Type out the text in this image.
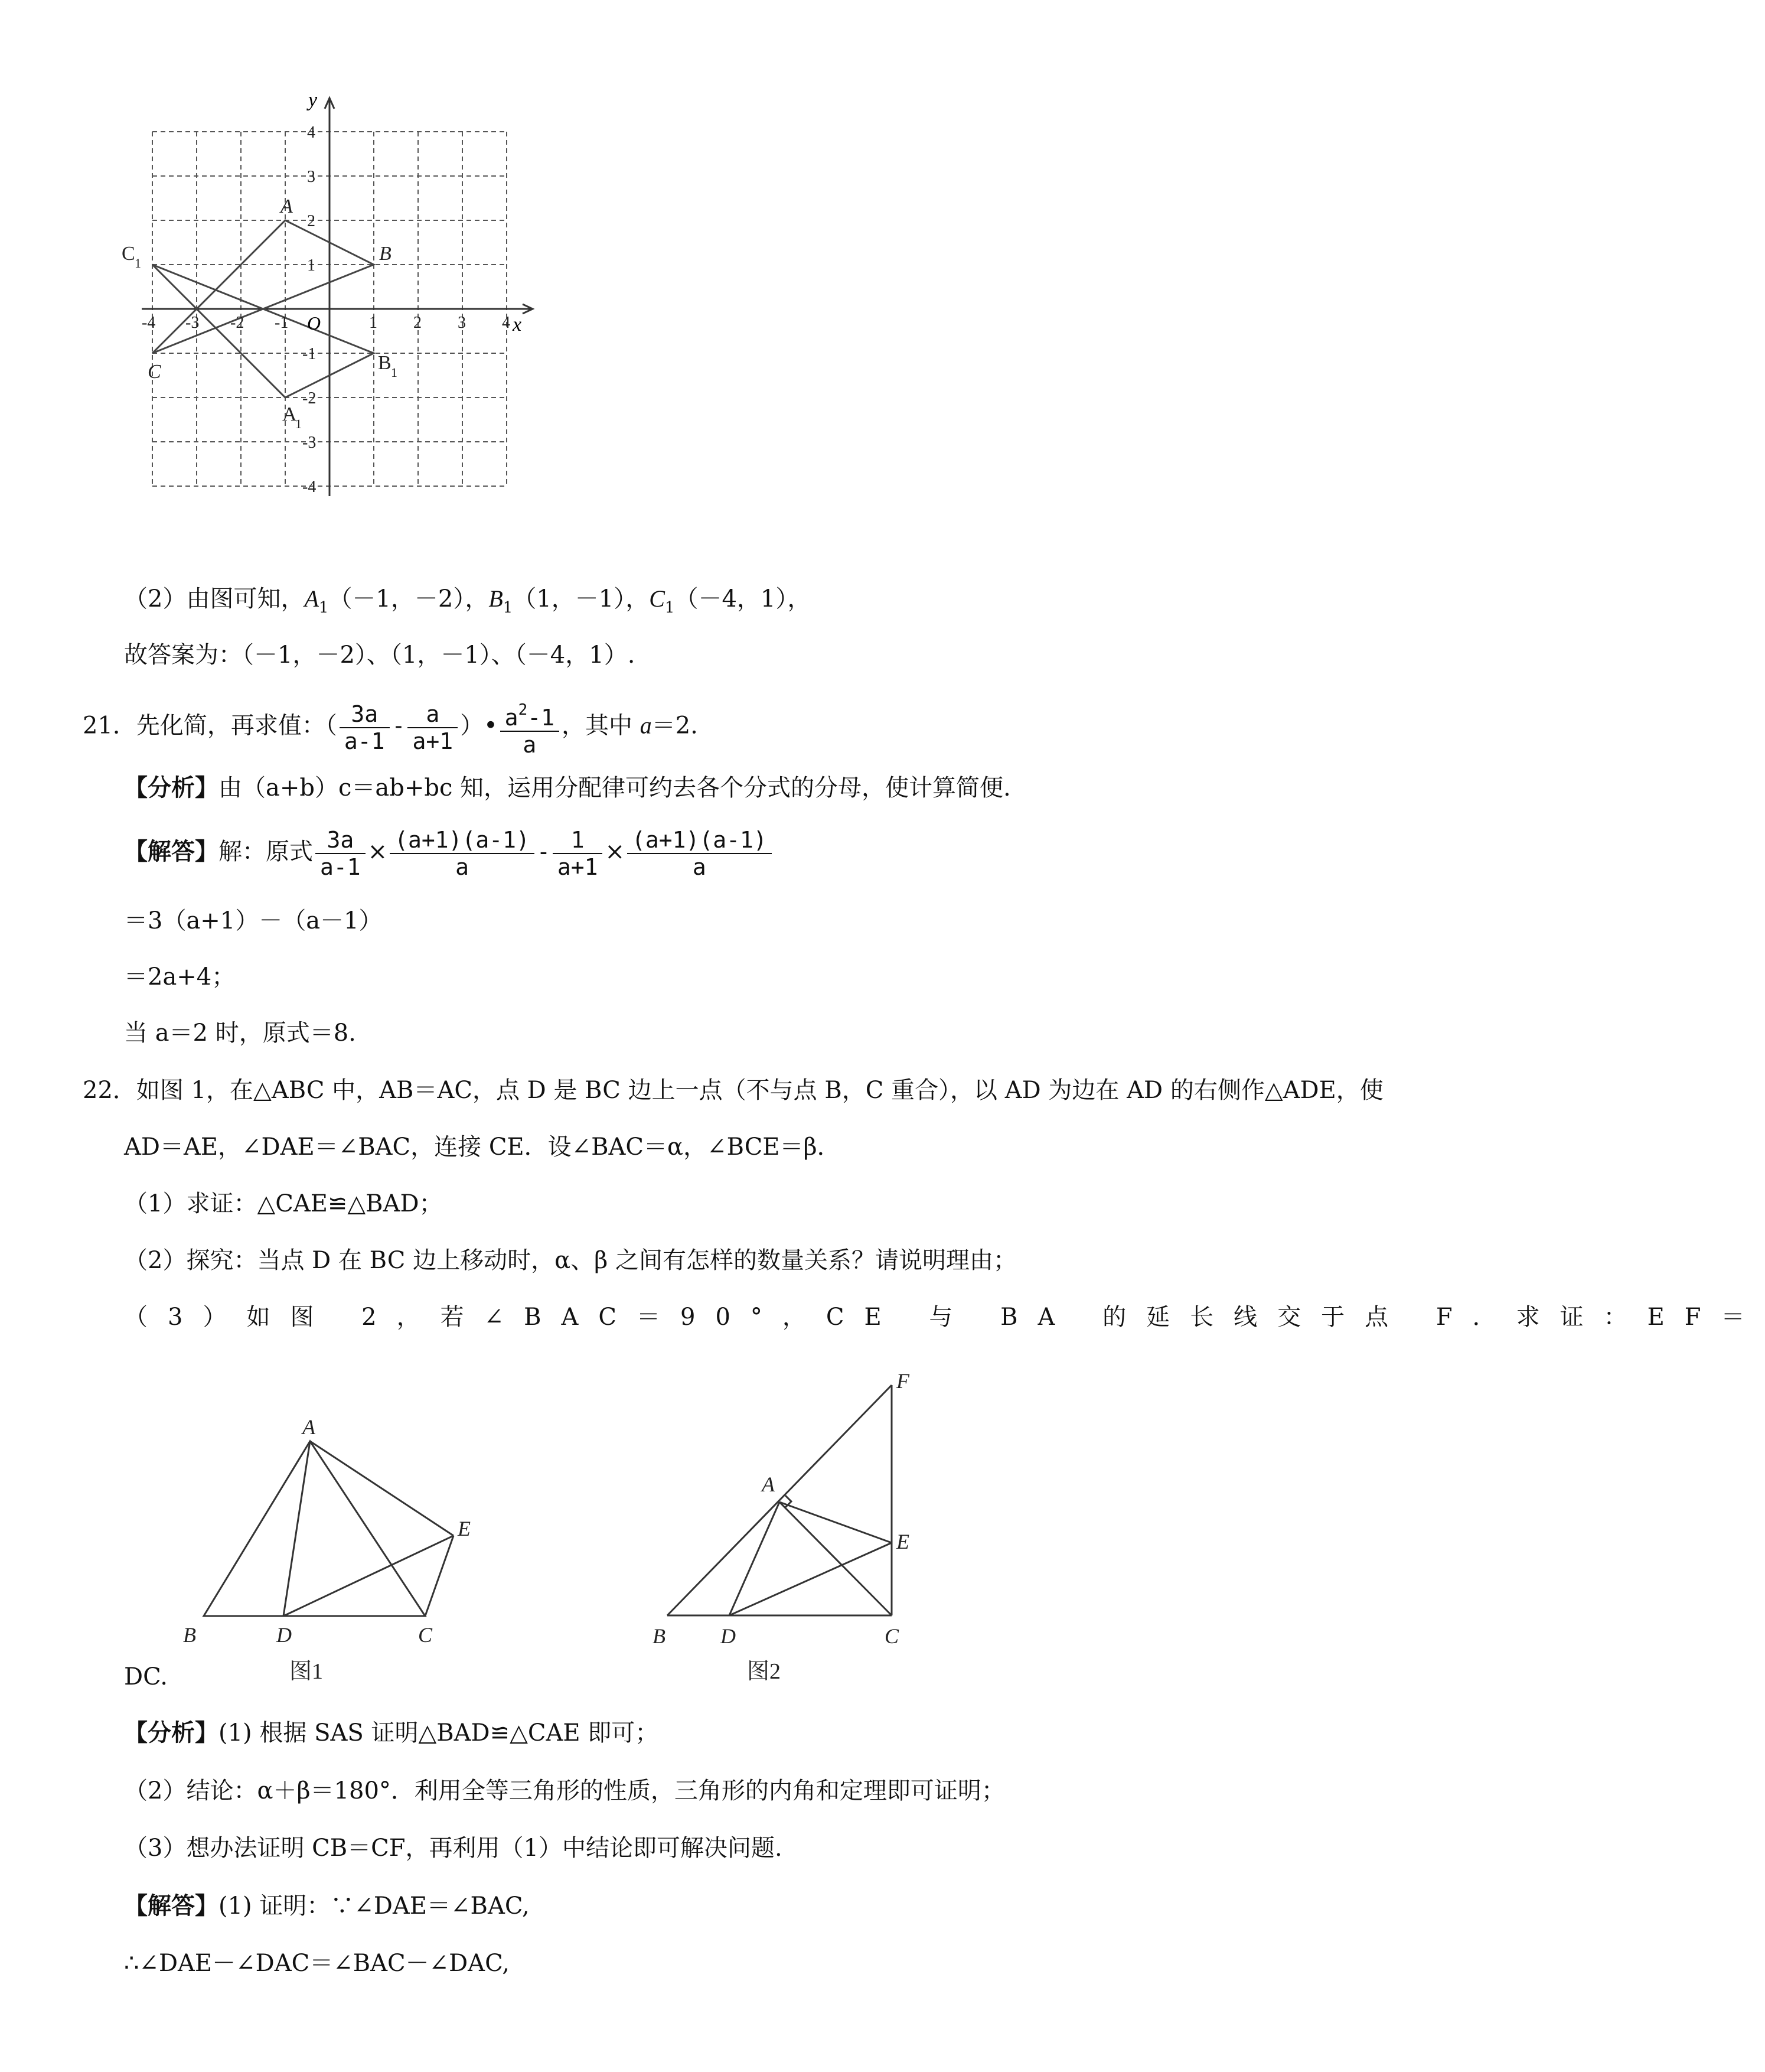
y
x
O
-4 -3 -2 -1	1 2 3 4
4
3
2
1
-1
-2
-3
-4
A
B
C
A
1
B 1
C 1
（2）由图可知，$A_1(-1$，－2），$B_1(1$，－1），$C_1(-4$，1），
故答案为：（－1，－2）、（1，－1）、（－4，1）.
21．先化简，再求值：（ $\frac{3a}{a-1} - \frac{a}{a+1}$ ）• $\frac{a^2-1}{a}$ ，其中 a＝2.
【分析】由（a+b）c＝ab+bc 知，运用分配律可约去各个分式的分母，使计算简便.
【解答】解：原式 $\frac{3a}{a-1} \times \frac{(a+1)(a-1)}{a} - \frac{1}{a+1} \times \frac{(a+1)(a-1)}{a}$
＝3（a+1）－（a－1）
＝2a+4；
当 a＝2 时，原式＝8.
22．如图 1，在△ABC 中，AB＝AC，点 D 是 BC 边上一点（不与点 B，C 重合），以 AD 为边在 AD 的右侧作△ADE，使
AD＝AE，∠DAE＝∠BAC，连接 CE．设∠BAC＝α，∠BCE＝β．
（1）求证：△CAE≌△BAD；
（2）探究：当点 D 在 BC 边上移动时，α、β 之间有怎样的数量关系？请说明理由；
（3）如图 2，若∠BAC＝90°，CE 与 BA 的延长线交于点 F．求证：EF＝
A
B	D	C
E
图1
F
A
E
B	D	C
图2
DC.
【分析】(1) 根据 SAS 证明△BAD≌△CAE 即可；
（2）结论：α＋β＝180°．利用全等三角形的性质，三角形的内角和定理即可证明；
（3）想办法证明 CB＝CF，再利用（1）中结论即可解决问题.
【解答】(1) 证明：∵∠DAE＝∠BAC,
∴∠DAE－∠DAC＝∠BAC－∠DAC,
